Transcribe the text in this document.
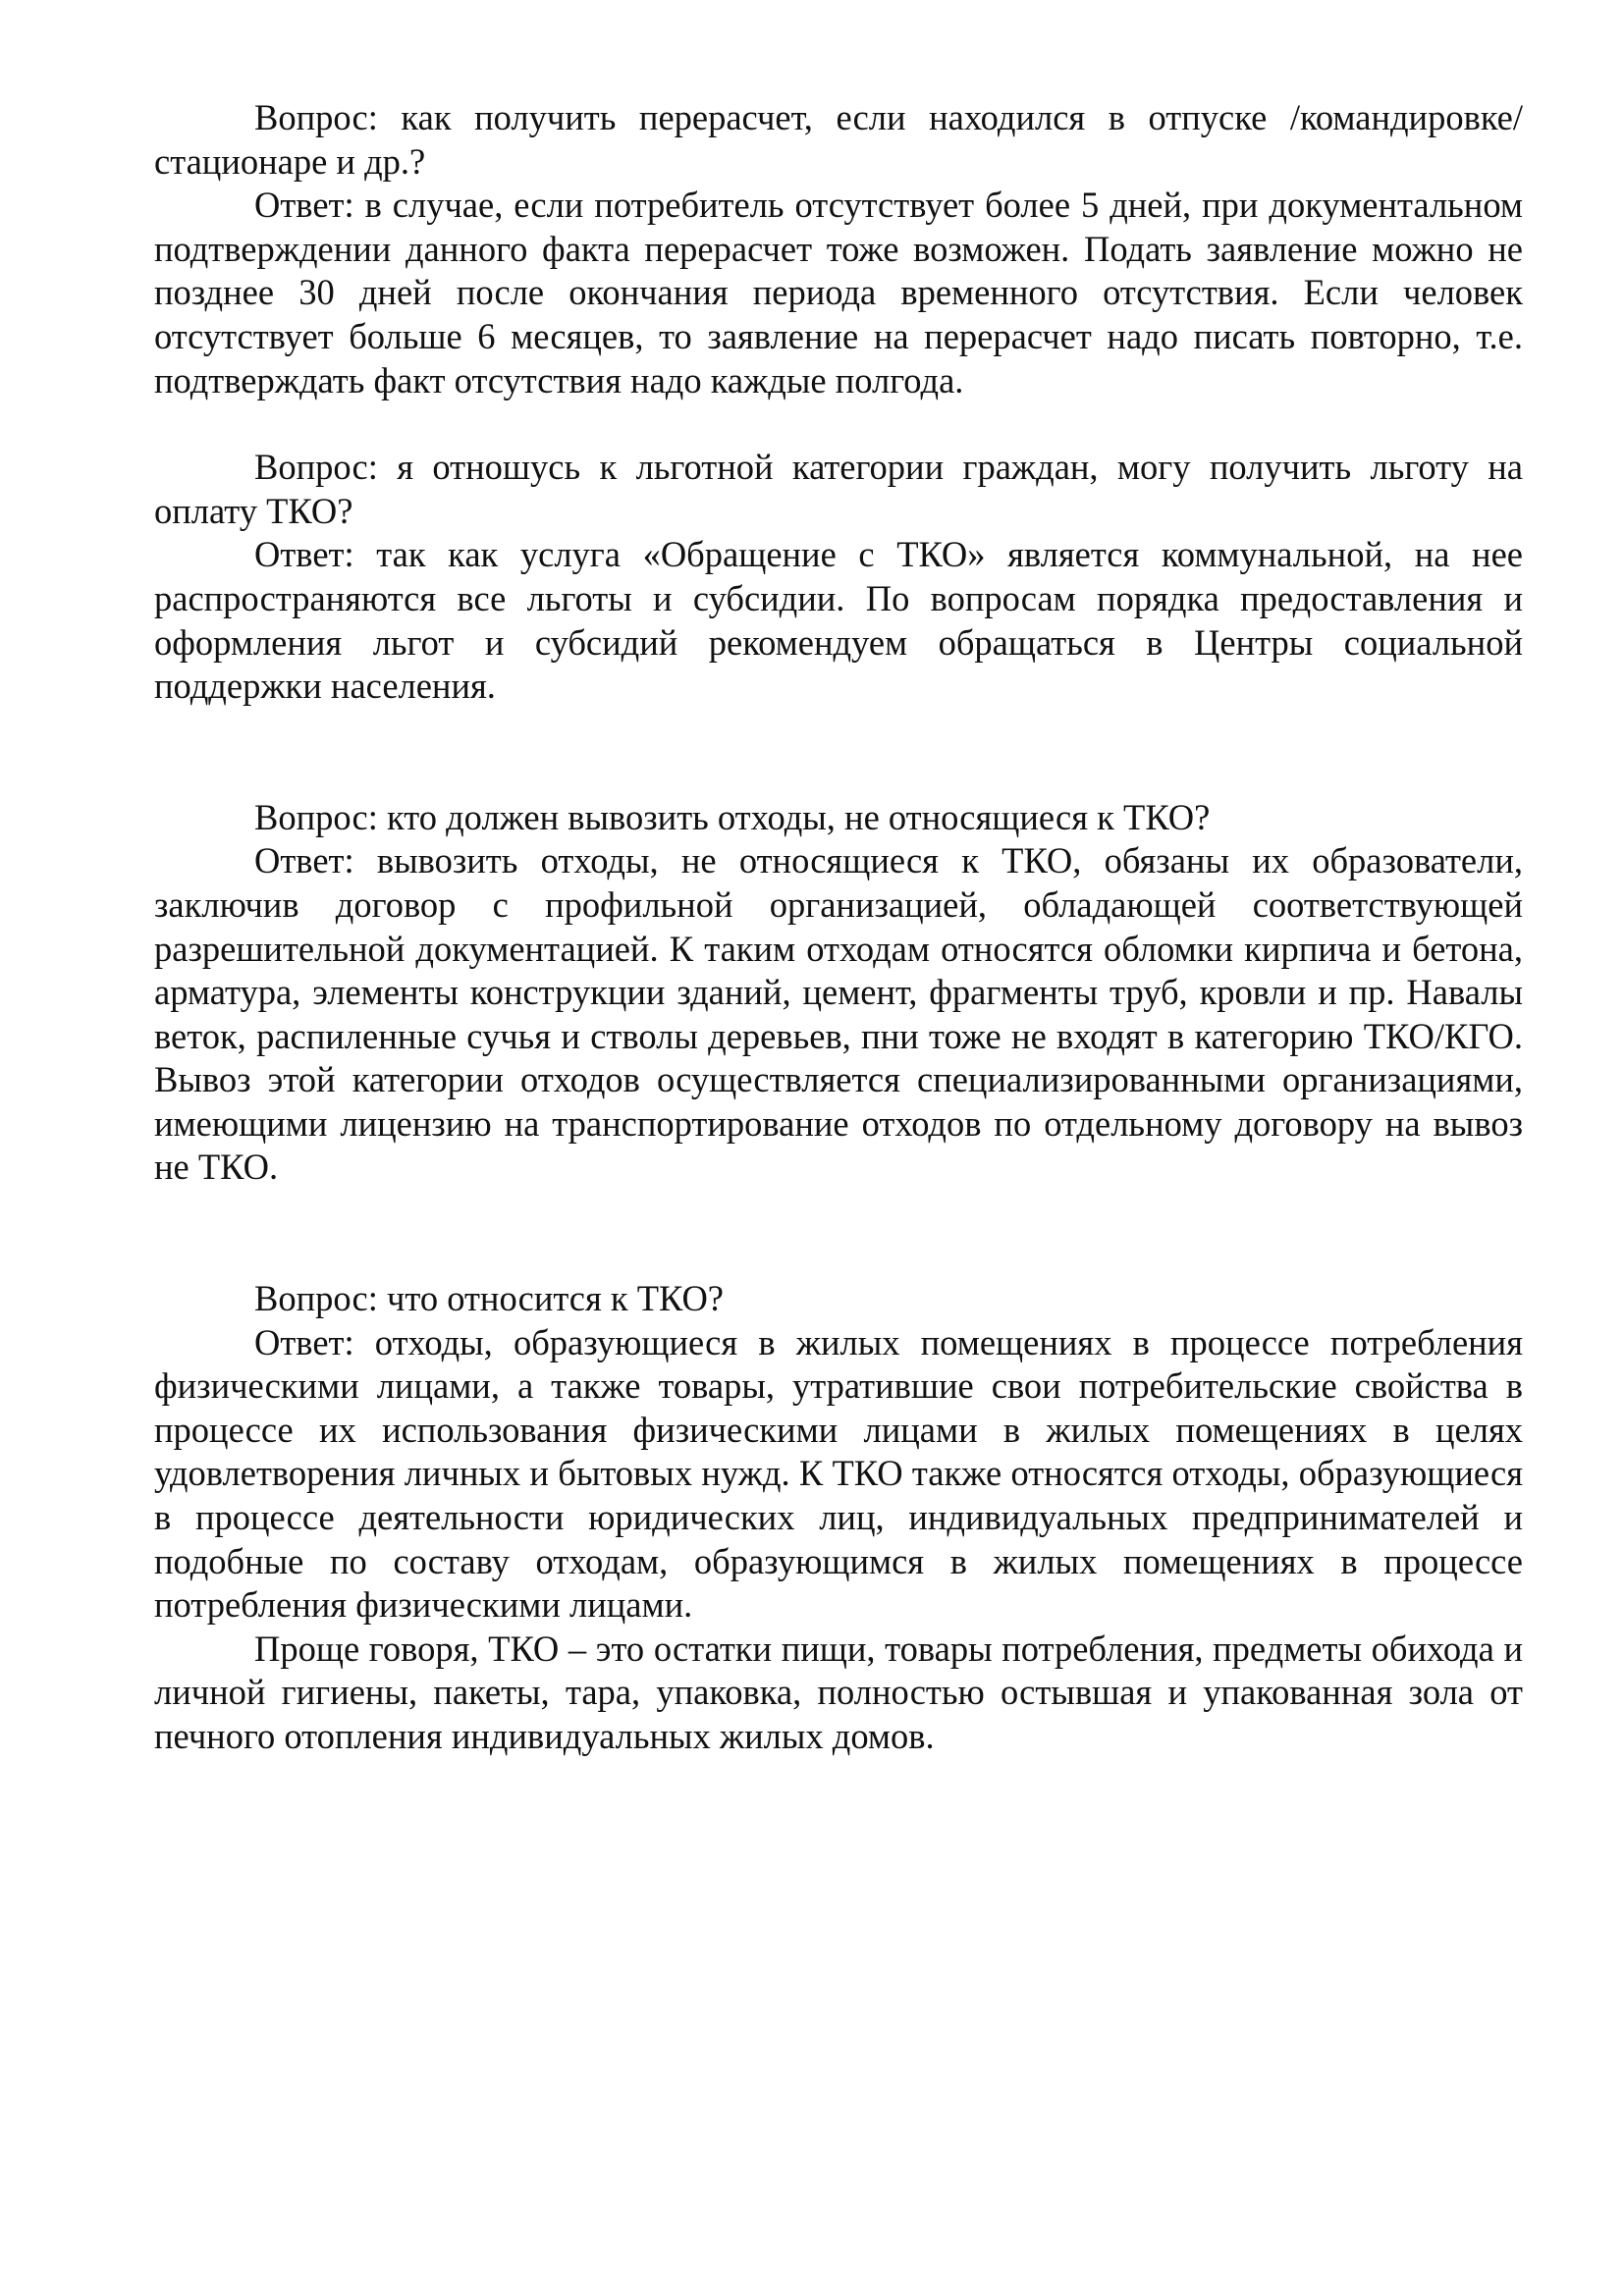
Вопрос: как получить перерасчет, если находился в отпуске /командировке/ стационаре и др.?

Ответ: в случае, если потребитель отсутствует более 5 дней, при документальном подтверждении данного факта перерасчет тоже возможен. Подать заявление можно не позднее 30 дней после окончания периода временного отсутствия. Если человек отсутствует больше 6 месяцев, то заявление на перерасчет надо писать повторно, т.е. подтверждать факт отсутствия надо каждые полгода.

Вопрос: я отношусь к льготной категории граждан, могу получить льготу на оплату ТКО?

Ответ: так как услуга «Обращение с ТКО» является коммунальной, на нее распространяются все льготы и субсидии. По вопросам порядка предоставления и оформления льгот и субсидий рекомендуем обращаться в Центры социальной поддержки населения.

Вопрос: кто должен вывозить отходы, не относящиеся к ТКО?

Ответ: вывозить отходы, не относящиеся к ТКО, обязаны их образователи, заключив договор с профильной организацией, обладающей соответствующей разрешительной документацией. К таким отходам относятся обломки кирпича и бетона, арматура, элементы конструкции зданий, цемент, фрагменты труб, кровли и пр. Навалы веток, распиленные сучья и стволы деревьев, пни тоже не входят в категорию ТКО/КГО. Вывоз этой категории отходов осуществляется специализированными организациями, имеющими лицензию на транспортирование отходов по отдельному договору на вывоз не ТКО.

Вопрос: что относится к ТКО?

Ответ: отходы, образующиеся в жилых помещениях в процессе потребления физическими лицами, а также товары, утратившие свои потребительские свойства в процессе их использования физическими лицами в жилых помещениях в целях удовлетворения личных и бытовых нужд. К ТКО также относятся отходы, образующиеся в процессе деятельности юридических лиц, индивидуальных предпринимателей и подобные по составу отходам, образующимся в жилых помещениях в процессе потребления физическими лицами.

Проще говоря, ТКО – это остатки пищи, товары потребления, предметы обихода и личной гигиены, пакеты, тара, упаковка, полностью остывшая и упакованная зола от печного отопления индивидуальных жилых домов.
